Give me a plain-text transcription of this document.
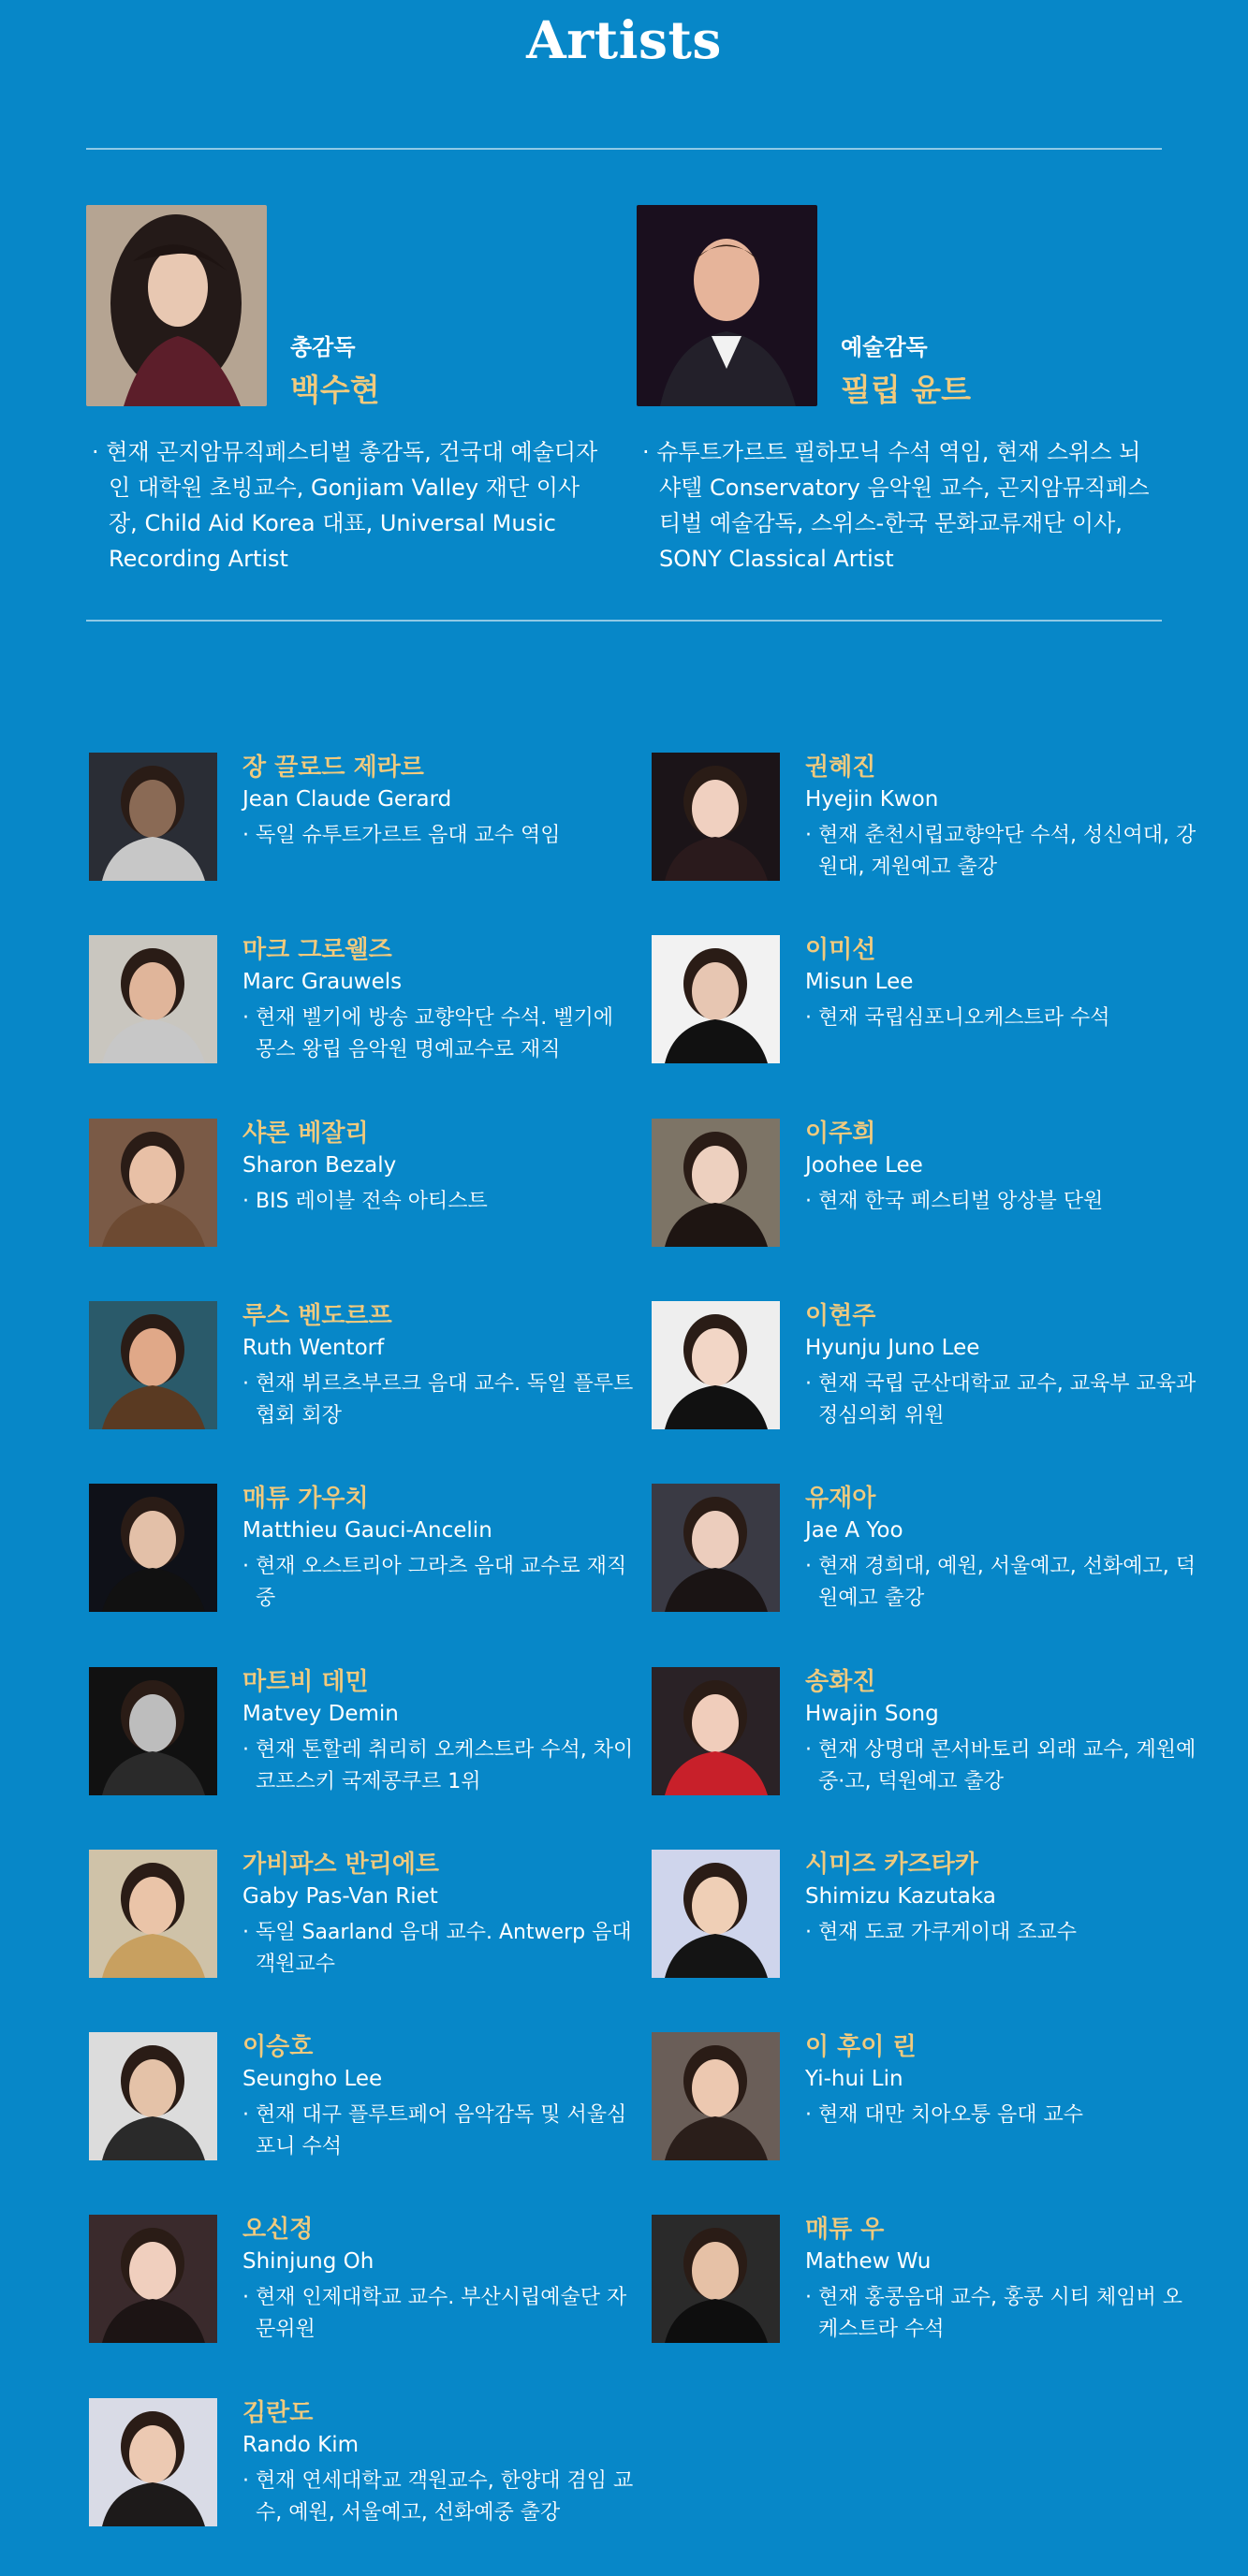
Artists
총감독
백수현
· 현재 곤지암뮤직페스티벌 총감독, 건국대 예술디자인 대학원 초빙교수, Gonjiam Valley 재단 이사장, Child Aid Korea 대표, Universal Music Recording Artist
예술감독
필립 윤트
· 슈투트가르트 필하모닉 수석 역임, 현재 스위스 뇌샤텔 Conservatory 음악원 교수, 곤지암뮤직페스티벌 예술감독, 스위스-한국 문화교류재단 이사, SONY Classical Artist
장 끌로드 제라르
Jean Claude Gerard
· 독일 슈투트가르트 음대 교수 역임
권혜진
Hyejin Kwon
· 현재 춘천시립교향악단 수석, 성신여대, 강원대, 계원예고 출강
마크 그로웰즈
Marc Grauwels
· 현재 벨기에 방송 교향악단 수석. 벨기에 몽스 왕립 음악원 명예교수로 재직
이미선
Misun Lee
· 현재 국립심포니오케스트라 수석
샤론 베잘리
Sharon Bezaly
· BIS 레이블 전속 아티스트
이주희
Joohee Lee
· 현재 한국 페스티벌 앙상블 단원
루스 벤도르프
Ruth Wentorf
· 현재 뷔르츠부르크 음대 교수. 독일 플루트 협회 회장
이현주
Hyunju Juno Lee
· 현재 국립 군산대학교 교수, 교육부 교육과정심의회 위원
매튜 가우치
Matthieu Gauci-Ancelin
· 현재 오스트리아 그라츠 음대 교수로 재직 중
유재아
Jae A Yoo
· 현재 경희대, 예원, 서울예고, 선화예고, 덕원예고 출강
마트비 데민
Matvey Demin
· 현재 톤할레 취리히 오케스트라 수석, 차이코프스키 국제콩쿠르 1위
송화진
Hwajin Song
· 현재 상명대 콘서바토리 외래 교수, 계원예중·고, 덕원예고 출강
가비파스 반리에트
Gaby Pas-Van Riet
· 독일 Saarland 음대 교수. Antwerp 음대 객원교수
시미즈 카즈타카
Shimizu Kazutaka
· 현재 도쿄 가쿠게이대 조교수
이승호
Seungho Lee
· 현재 대구 플루트페어 음악감독 및 서울심포니 수석
이 후이 린
Yi-hui Lin
· 현재 대만 치아오퉁 음대 교수
오신정
Shinjung Oh
· 현재 인제대학교 교수. 부산시립예술단 자문위원
매튜 우
Mathew Wu
· 현재 홍콩음대 교수, 홍콩 시티 체임버 오케스트라 수석
김란도
Rando Kim
· 현재 연세대학교 객원교수, 한양대 겸임 교수, 예원, 서울예고, 선화예중 출강
